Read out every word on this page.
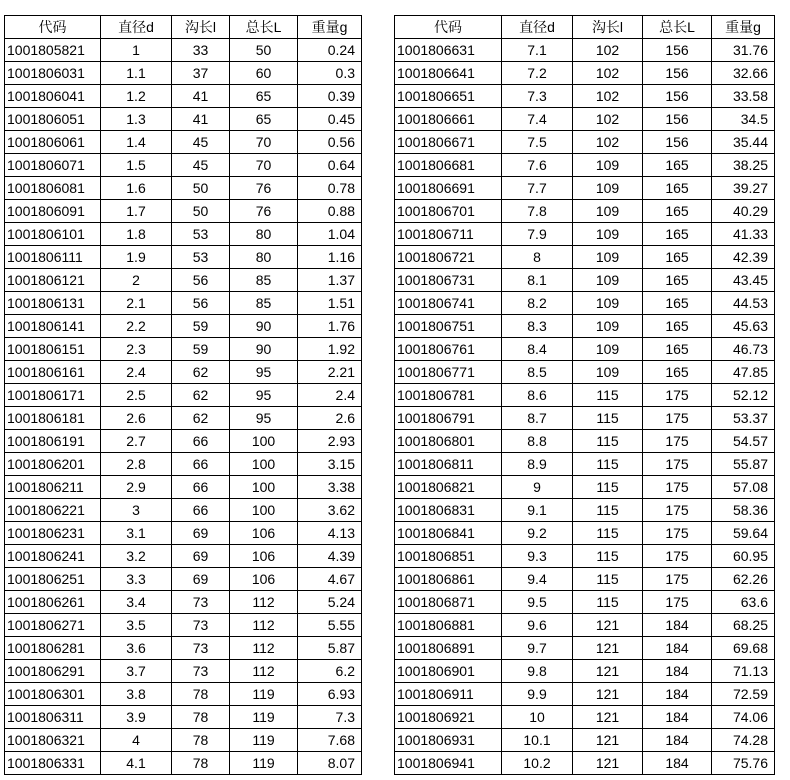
代码	直径d	沟长l	总长L	重量g
1001805821	1	33	50	0.24
1001806031	1.1	37	60	0.3
1001806041	1.2	41	65	0.39
1001806051	1.3	41	65	0.45
1001806061	1.4	45	70	0.56
1001806071	1.5	45	70	0.64
1001806081	1.6	50	76	0.78
1001806091	1.7	50	76	0.88
1001806101	1.8	53	80	1.04
1001806111	1.9	53	80	1.16
1001806121	2	56	85	1.37
1001806131	2.1	56	85	1.51
1001806141	2.2	59	90	1.76
1001806151	2.3	59	90	1.92
1001806161	2.4	62	95	2.21
1001806171	2.5	62	95	2.4
1001806181	2.6	62	95	2.6
1001806191	2.7	66	100	2.93
1001806201	2.8	66	100	3.15
1001806211	2.9	66	100	3.38
1001806221	3	66	100	3.62
1001806231	3.1	69	106	4.13
1001806241	3.2	69	106	4.39
1001806251	3.3	69	106	4.67
1001806261	3.4	73	112	5.24
1001806271	3.5	73	112	5.55
1001806281	3.6	73	112	5.87
1001806291	3.7	73	112	6.2
1001806301	3.8	78	119	6.93
1001806311	3.9	78	119	7.3
1001806321	4	78	119	7.68
1001806331	4.1	78	119	8.07
代码	直径d	沟长l	总长L	重量g
1001806631	7.1	102	156	31.76
1001806641	7.2	102	156	32.66
1001806651	7.3	102	156	33.58
1001806661	7.4	102	156	34.5
1001806671	7.5	102	156	35.44
1001806681	7.6	109	165	38.25
1001806691	7.7	109	165	39.27
1001806701	7.8	109	165	40.29
1001806711	7.9	109	165	41.33
1001806721	8	109	165	42.39
1001806731	8.1	109	165	43.45
1001806741	8.2	109	165	44.53
1001806751	8.3	109	165	45.63
1001806761	8.4	109	165	46.73
1001806771	8.5	109	165	47.85
1001806781	8.6	115	175	52.12
1001806791	8.7	115	175	53.37
1001806801	8.8	115	175	54.57
1001806811	8.9	115	175	55.87
1001806821	9	115	175	57.08
1001806831	9.1	115	175	58.36
1001806841	9.2	115	175	59.64
1001806851	9.3	115	175	60.95
1001806861	9.4	115	175	62.26
1001806871	9.5	115	175	63.6
1001806881	9.6	121	184	68.25
1001806891	9.7	121	184	69.68
1001806901	9.8	121	184	71.13
1001806911	9.9	121	184	72.59
1001806921	10	121	184	74.06
1001806931	10.1	121	184	74.28
1001806941	10.2	121	184	75.76
